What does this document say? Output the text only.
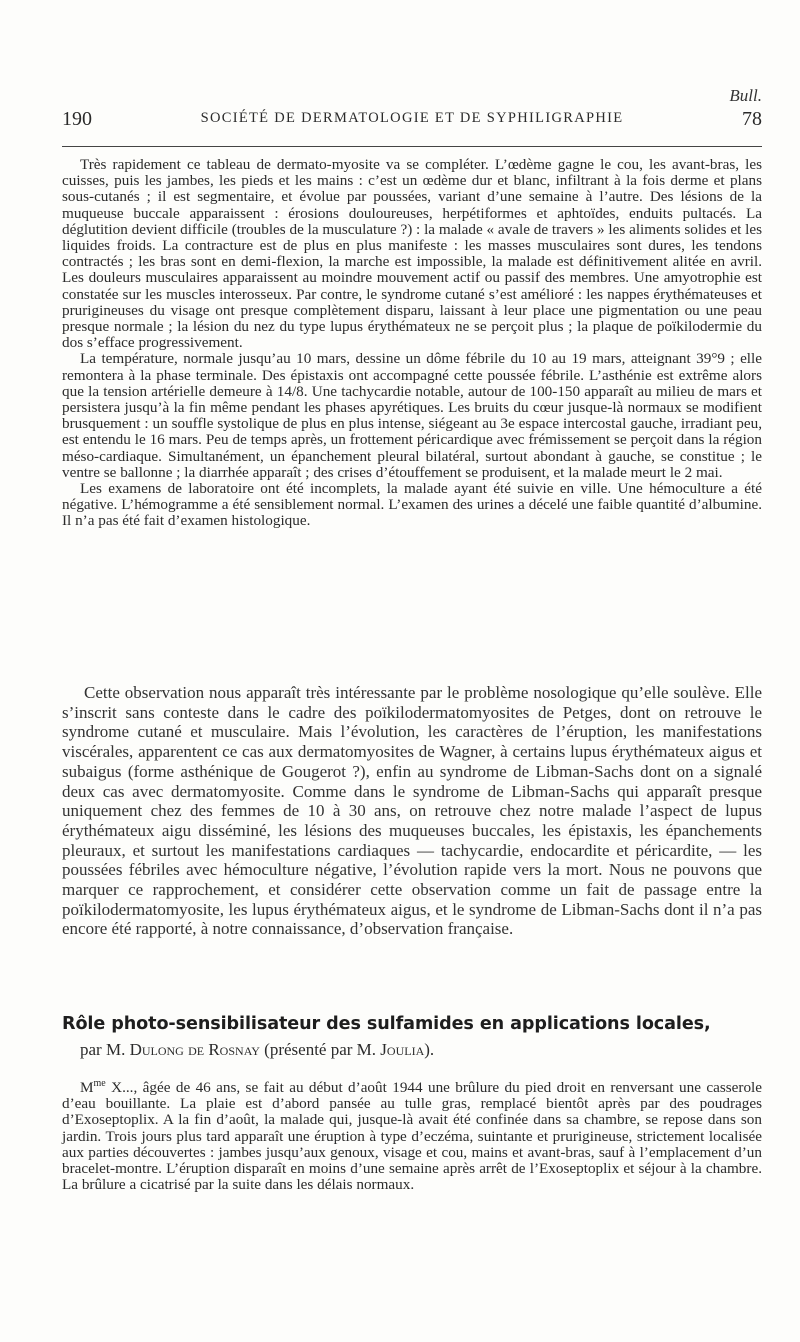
Bull.
190	SOCIÉTÉ DE DERMATOLOGIE ET DE SYPHILIGRAPHIE	78

Très rapidement ce tableau de dermato-myosite va se compléter. L’œdème gagne le cou, les avant-bras, les cuisses, puis les jambes, les pieds et les mains : c’est un œdème dur et blanc, infiltrant à la fois derme et plans sous-cutanés ; il est segmentaire, et évolue par poussées, variant d’une semaine à l’autre. Des lésions de la muqueuse buccale apparaissent : érosions douloureuses, herpétiformes et aphtoïdes, enduits pultacés. La déglutition devient difficile (troubles de la musculature ?) : la malade « avale de travers » les aliments solides et les liquides froids. La contracture est de plus en plus manifeste : les masses musculaires sont dures, les tendons contractés ; les bras sont en demi-flexion, la marche est impossible, la malade est définitivement alitée en avril. Les douleurs musculaires apparaissent au moindre mouvement actif ou passif des membres. Une amyotrophie est constatée sur les muscles interosseux. Par contre, le syndrome cutané s’est amélioré : les nappes érythémateuses et prurigineuses du visage ont presque complètement disparu, laissant à leur place une pigmentation ou une peau presque normale ; la lésion du nez du type lupus érythémateux ne se perçoit plus ; la plaque de poïkilodermie du dos s’efface progressivement.

La température, normale jusqu’au 10 mars, dessine un dôme fébrile du 10 au 19 mars, atteignant 39°9 ; elle remontera à la phase terminale. Des épistaxis ont accompagné cette poussée fébrile. L’asthénie est extrême alors que la tension artérielle demeure à 14/8. Une tachycardie notable, autour de 100-150 apparaît au milieu de mars et persistera jusqu’à la fin même pendant les phases apyrétiques. Les bruits du cœur jusque-là normaux se modifient brusquement : un souffle systolique de plus en plus intense, siégeant au 3e espace intercostal gauche, irradiant peu, est entendu le 16 mars. Peu de temps après, un frottement péricardique avec frémissement se perçoit dans la région méso-cardiaque. Simultanément, un épanchement pleural bilatéral, surtout abondant à gauche, se constitue ; le ventre se ballonne ; la diarrhée apparaît ; des crises d’étouffement se produisent, et la malade meurt le 2 mai.

Les examens de laboratoire ont été incomplets, la malade ayant été suivie en ville. Une hémoculture a été négative. L’hémogramme a été sensiblement normal. L’examen des urines a décelé une faible quantité d’albumine. Il n’a pas été fait d’examen histologique.

Cette observation nous apparaît très intéressante par le problème nosologique qu’elle soulève. Elle s’inscrit sans conteste dans le cadre des poïkilodermatomyosites de Petges, dont on retrouve le syndrome cutané et musculaire. Mais l’évolution, les caractères de l’éruption, les manifestations viscérales, apparentent ce cas aux dermatomyosites de Wagner, à certains lupus érythémateux aigus et subaigus (forme asthénique de Gougerot ?), enfin au syndrome de Libman-Sachs dont on a signalé deux cas avec dermatomyosite. Comme dans le syndrome de Libman-Sachs qui apparaît presque uniquement chez des femmes de 10 à 30 ans, on retrouve chez notre malade l’aspect de lupus érythémateux aigu disséminé, les lésions des muqueuses buccales, les épistaxis, les épanchements pleuraux, et surtout les manifestations cardiaques — tachycardie, endocardite et péricardite, — les poussées fébriles avec hémoculture négative, l’évolution rapide vers la mort. Nous ne pouvons que marquer ce rapprochement, et considérer cette observation comme un fait de passage entre la poïkilodermatomyosite, les lupus érythémateux aigus, et le syndrome de Libman-Sachs dont il n’a pas encore été rapporté, à notre connaissance, d’observation française.

Rôle photo-sensibilisateur des sulfamides en applications locales,
par M. Dulong de Rosnay (présenté par M. Joulia).

$M^{me}$ X..., âgée de 46 ans, se fait au début d’août 1944 une brûlure du pied droit en renversant une casserole d’eau bouillante. La plaie est d’abord pansée au tulle gras, remplacé bientôt après par des poudrages d’Exoseptoplix. A la fin d’août, la malade qui, jusque-là avait été confinée dans sa chambre, se repose dans son jardin. Trois jours plus tard apparaît une éruption à type d’eczéma, suintante et prurigineuse, strictement localisée aux parties découvertes : jambes jusqu’aux genoux, visage et cou, mains et avant-bras, sauf à l’emplacement d’un bracelet-montre. L’éruption disparaît en moins d’une semaine après arrêt de l’Exoseptoplix et séjour à la chambre. La brûlure a cicatrisé par la suite dans les délais normaux.
